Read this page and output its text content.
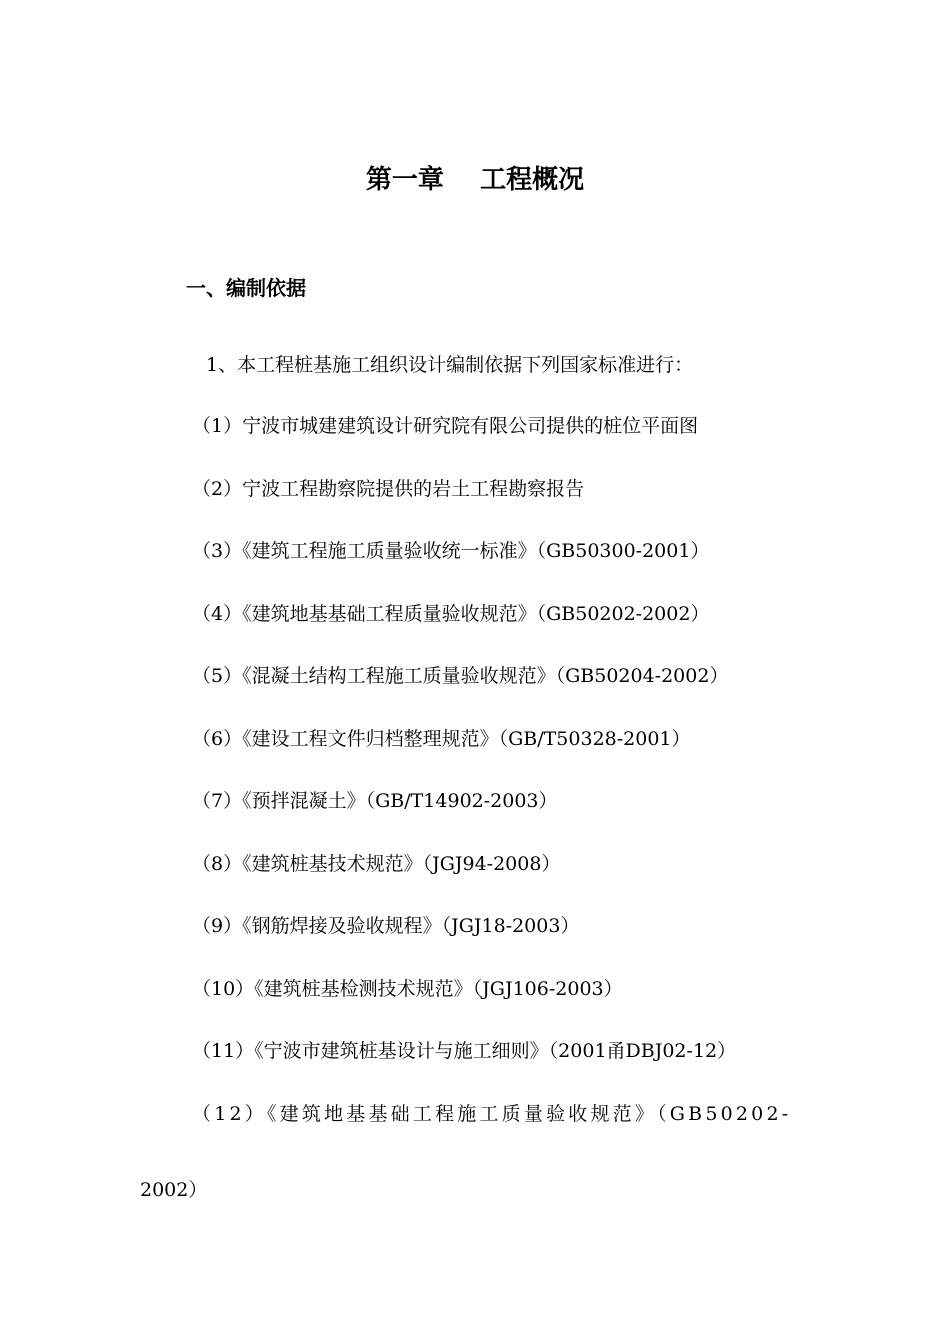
第一章    工程概况
一、编制依据
1、本工程桩基施工组织设计编制依据下列国家标准进行：
（1）宁波市城建建筑设计研究院有限公司提供的桩位平面图
（2）宁波工程勘察院提供的岩土工程勘察报告
（3）《建筑工程施工质量验收统一标准》（GB50300-2001）
（4）《建筑地基基础工程质量验收规范》（GB50202-2002）
（5）《混凝土结构工程施工质量验收规范》（GB50204-2002）
（6）《建设工程文件归档整理规范》（GB/T50328-2001）
（7）《预拌混凝土》（GB/T14902-2003）
（8）《建筑桩基技术规范》（JGJ94-2008）
（9）《钢筋焊接及验收规程》（JGJ18-2003）
（10）《建筑桩基检测技术规范》（JGJ106-2003）
（11）《宁波市建筑桩基设计与施工细则》（2001甬DBJ02-12）
（12）《建筑地基基础工程施工质量验收规范》（GB50202-
2002）
